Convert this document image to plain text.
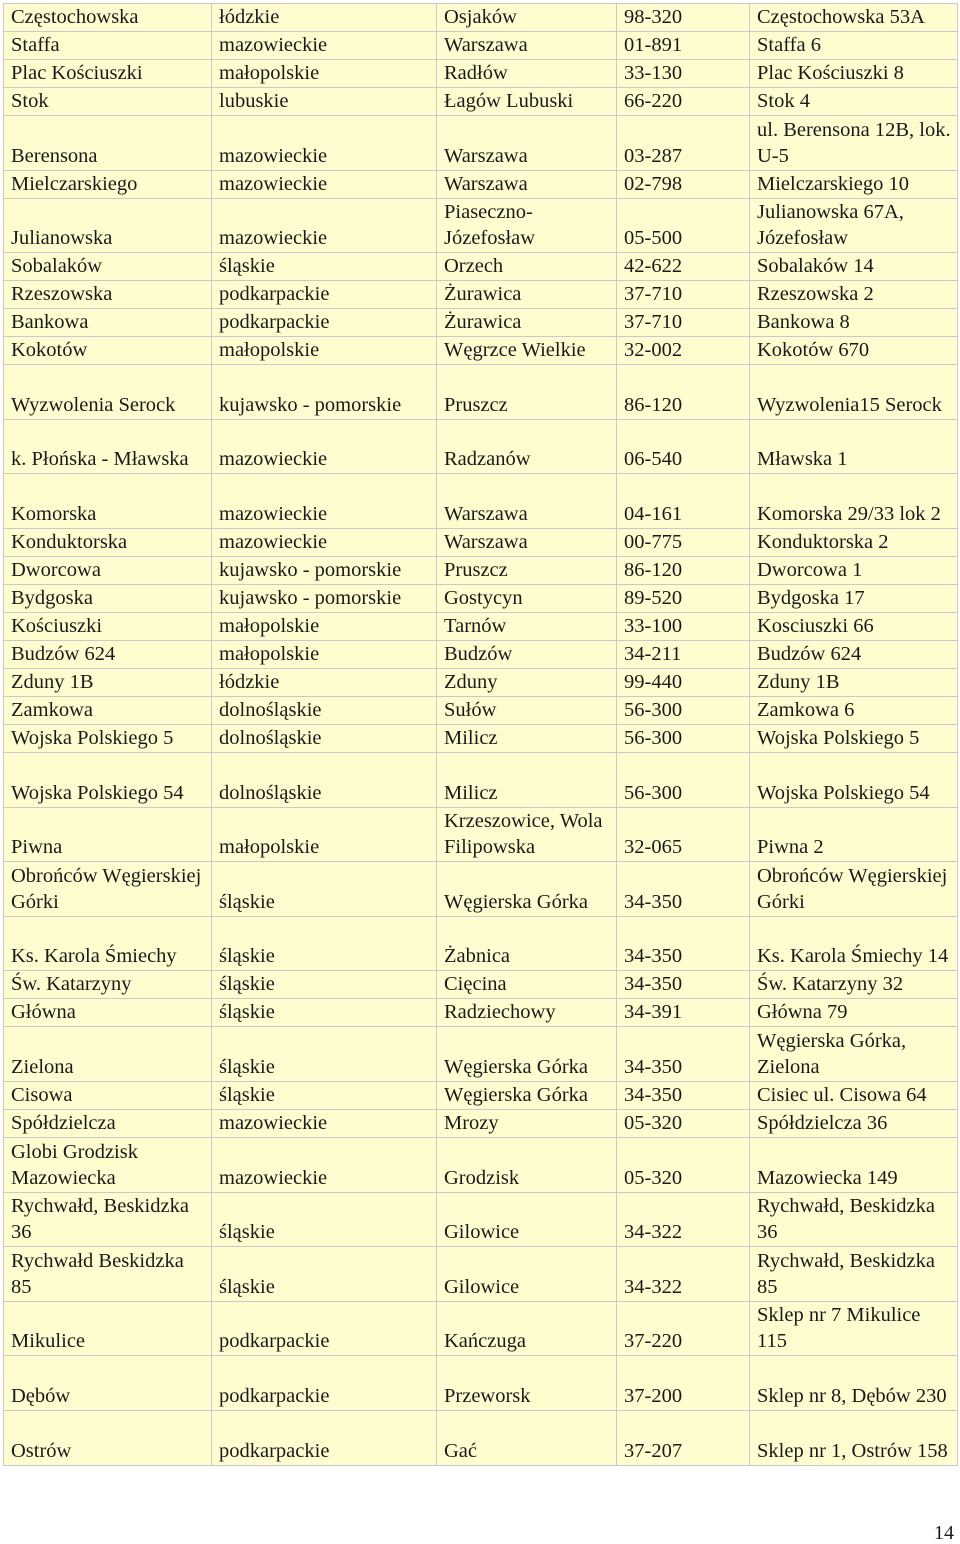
Częstochowska	łódzkie	Osjaków	98-320	Częstochowska 53A
Staffa	mazowieckie	Warszawa	01-891	Staffa 6
Plac Kościuszki	małopolskie	Radłów	33-130	Plac Kościuszki 8
Stok	lubuskie	Łagów Lubuski	66-220	Stok 4
Berensona	mazowieckie	Warszawa	03-287	ul. Berensona 12B, lok. U-5
Mielczarskiego	mazowieckie	Warszawa	02-798	Mielczarskiego 10
Julianowska	mazowieckie	Piaseczno-Józefosław	05-500	Julianowska 67A, Józefosław
Sobalaków	śląskie	Orzech	42-622	Sobalaków 14
Rzeszowska	podkarpackie	Żurawica	37-710	Rzeszowska 2
Bankowa	podkarpackie	Żurawica	37-710	Bankowa 8
Kokotów	małopolskie	Węgrzce Wielkie	32-002	Kokotów 670
Wyzwolenia Serock	kujawsko - pomorskie	Pruszcz	86-120	Wyzwolenia15 Serock
k. Płońska - Mławska	mazowieckie	Radzanów	06-540	Mławska 1
Komorska	mazowieckie	Warszawa	04-161	Komorska 29/33 lok 2
Konduktorska	mazowieckie	Warszawa	00-775	Konduktorska 2
Dworcowa	kujawsko - pomorskie	Pruszcz	86-120	Dworcowa 1
Bydgoska	kujawsko - pomorskie	Gostycyn	89-520	Bydgoska 17
Kościuszki	małopolskie	Tarnów	33-100	Kosciuszki 66
Budzów 624	małopolskie	Budzów	34-211	Budzów 624
Zduny 1B	łódzkie	Zduny	99-440	Zduny 1B
Zamkowa	dolnośląskie	Sułów	56-300	Zamkowa 6
Wojska Polskiego 5	dolnośląskie	Milicz	56-300	Wojska Polskiego 5
Wojska Polskiego 54	dolnośląskie	Milicz	56-300	Wojska Polskiego 54
Piwna	małopolskie	Krzeszowice, Wola Filipowska	32-065	Piwna 2
Obrońców Węgierskiej Górki	śląskie	Węgierska Górka	34-350	Obrońców Węgierskiej Górki
Ks. Karola Śmiechy	śląskie	Żabnica	34-350	Ks. Karola Śmiechy 14
Św. Katarzyny	śląskie	Cięcina	34-350	Św. Katarzyny 32
Główna	śląskie	Radziechowy	34-391	Główna 79
Zielona	śląskie	Węgierska Górka	34-350	Węgierska Górka, Zielona
Cisowa	śląskie	Węgierska Górka	34-350	Cisiec ul. Cisowa 64
Spółdzielcza	mazowieckie	Mrozy	05-320	Spółdzielcza 36
Globi Grodzisk Mazowiecka	mazowieckie	Grodzisk	05-320	Mazowiecka 149
Rychwałd, Beskidzka 36	śląskie	Gilowice	34-322	Rychwałd, Beskidzka 36
Rychwałd Beskidzka 85	śląskie	Gilowice	34-322	Rychwałd, Beskidzka 85
Mikulice	podkarpackie	Kańczuga	37-220	Sklep nr 7 Mikulice 115
Dębów	podkarpackie	Przeworsk	37-200	Sklep nr 8, Dębów 230
Ostrów	podkarpackie	Gać	37-207	Sklep nr 1, Ostrów 158
14
